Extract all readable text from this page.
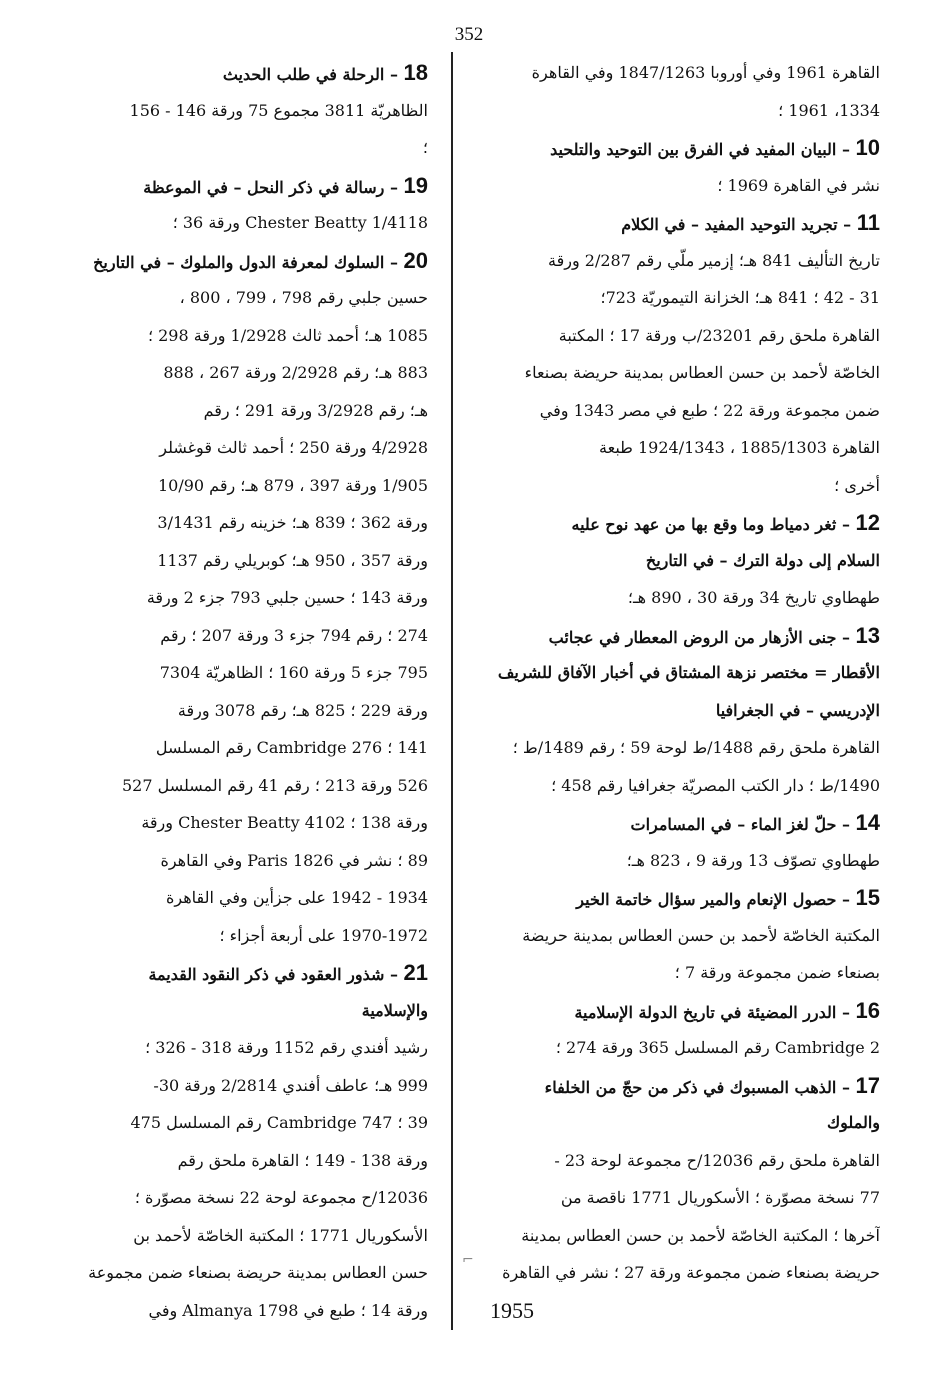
352
⌐
القاهرة 1961 وفي أوروبا 1847/1263 وفي القاهرة
1334، 1961 ؛
10 – البيان المفيد في الفرق بين التوحيد والتلحيد
نشر في القاهرة 1969 ؛
11 – تجريد التوحيد المفيد – في الكلام
تاريخ التأليف 841 هـ؛ إزمير ملّي رقم 2/287 ورقة
31 - 42 ؛ 841 هـ؛ الخزانة التيموريّة 723؛
القاهرة ملحق رقم 23201/ب ورقة 17 ؛ المكتبة
الخاصّة لأحمد بن حسن العطاس بمدينة حريضة بصنعاء
ضمن مجموعة ورقة 22 ؛ طبع في مصر 1343 وفي
القاهرة 1885/1303 ، 1924/1343 طبعة
أخرى ؛
12 – ثغر دمياط وما وقع بها من عهد نوح عليه
السلام إلى دولة الترك – في التاريخ
طهطاوي تاريخ 34 ورقة 30 ، 890 هـ؛
13 – جنى الأزهار من الروض المعطار في عجائب
الأقطار = مختصر نزهة المشتاق في أخبار الآفاق للشريف
الإدريسي – في الجغرافيا
القاهرة ملحق رقم 1488/ط لوحة 59 ؛ رقم 1489/ط ؛
1490/ط ؛ دار الكتب المصريّة جغرافيا رقم 458 ؛
14 – حلّ لغز الماء – في المسامرات
طهطاوي تصوّف 13 ورقة 9 ، 823 هـ؛
15 – حصول الإنعام والمير سؤال خاتمة الخير
المكتبة الخاصّة لأحمد بن حسن العطاس بمدينة حريضة
بصنعاء ضمن مجموعة ورقة 7 ؛
16 – الدرر المضيئة في تاريخ الدولة الإسلامية
Cambridge 2 رقم المسلسل 365 ورقة 274 ؛
17 – الذهب المسبوك في ذكر من حجّ من الخلفاء
والملوك
القاهرة ملحق رقم 12036/ح مجموعة لوحة 23 -
77 نسخة مصوّرة ؛ الأسكوريال 1771 ناقصة من
آخرها ؛ المكتبة الخاصّة لأحمد بن حسن العطاس بمدينة
حريضة بصنعاء ضمن مجموعة ورقة 27 ؛ نشر في القاهرة
1955
18 – الرحلة في طلب الحديث
الظاهريّة 3811 مجموع 75 ورقة 146 - 156
؛
19 – رسالة في ذكر النحل – في الموعظة
Chester Beatty 1/4118 ورقة 36 ؛
20 – السلوك لمعرفة الدول والملوك – في التاريخ
حسين جلبي رقم 798 ، 799 ، 800 ،
1085 هـ؛ أحمد ثالث 1/2928 ورقة 298 ؛
883 هـ؛ رقم 2/2928 ورقة 267 ، 888
هـ؛ رقم 3/2928 ورقة 291 ؛ رقم
4/2928 ورقة 250 ؛ أحمد ثالث قوغشلر
1/905 ورقة 397 ، 879 هـ؛ رقم 10/90
ورقة 362 ؛ 839 هـ؛ خزينه رقم 3/1431
ورقة 357 ، 950 هـ؛ كوبريلي رقم 1137
ورقة 143 ؛ حسين جلبي 793 جزء 2 ورقة
274 ؛ رقم 794 جزء 3 ورقة 207 ؛ رقم
795 جزء 5 ورقة 160 ؛ الظاهريّة 7304
ورقة 229 ؛ 825 هـ؛ رقم 3078 ورقة
141 ؛ Cambridge 276 رقم المسلسل
526 ورقة 213 ؛ رقم 41 رقم المسلسل 527
ورقة 138 ؛ Chester Beatty 4102 ورقة
89 ؛ نشر في Paris 1826 وفي القاهرة
1934 - 1942 على جزأين وفي القاهرة
1970-1972 على أربعة أجزاء ؛
21 – شذور العقود في ذكر النقود القديمة
والإسلامية
رشيد أفندي رقم 1152 ورقة 318 - 326 ؛
999 هـ؛ عاطف أفندي 2/2814 ورقة 30-
39 ؛ Cambridge 747 رقم المسلسل 475
ورقة 138 - 149 ؛ القاهرة ملحق رقم
12036/ح مجموعة لوحة 22 نسخة مصوّرة ؛
الأسكوريال 1771 ؛ المكتبة الخاصّة لأحمد بن
حسن العطاس بمدينة حريضة بصنعاء ضمن مجموعة
ورقة 14 ؛ طبع في Almanya 1798 وفي
